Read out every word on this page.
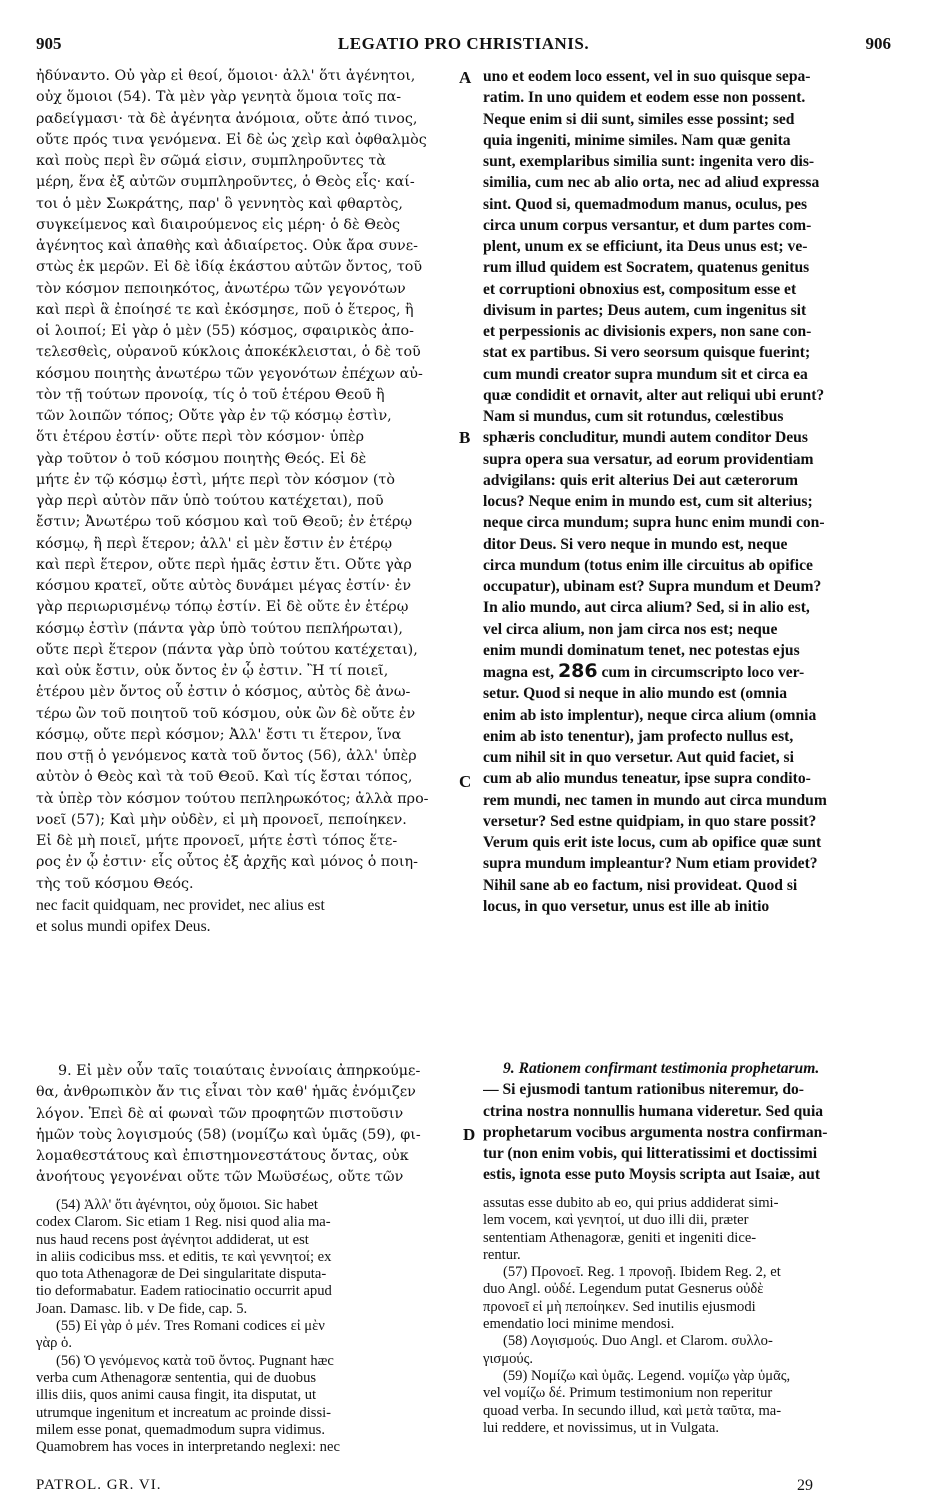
905	LEGATIO PRO CHRISTIANIS.	906
A
B
C
D
ἠδύναντο. Οὐ γὰρ εἰ θεοί, ὅμοιοι· ἀλλ' ὅτι ἀγένητοι,
οὐχ ὅμοιοι (54). Τὰ μὲν γὰρ γενητὰ ὅμοια τοῖς πα-
ραδείγμασι· τὰ δὲ ἀγένητα ἀνόμοια, οὔτε ἀπό τινος,
οὔτε πρός τινα γενόμενα. Εἰ δὲ ὡς χεὶρ καὶ ὀφθαλμὸς
καὶ ποὺς περὶ ἓν σῶμά εἰσιν, συμπληροῦντες τὰ
μέρη, ἕνα ἐξ αὐτῶν συμπληροῦντες, ὁ Θεὸς εἷς· καί-
τοι ὁ μὲν Σωκράτης, παρ' ὃ γεννητὸς καὶ φθαρτὸς,
συγκείμενος καὶ διαιρούμενος εἰς μέρη· ὁ δὲ Θεὸς
ἀγένητος καὶ ἀπαθὴς καὶ ἀδιαίρετος. Οὐκ ἄρα συνε-
στὼς ἐκ μερῶν. Εἰ δὲ ἰδίᾳ ἑκάστου αὐτῶν ὄντος, τοῦ
τὸν κόσμον πεποιηκότος, ἀνωτέρω τῶν γεγονότων
καὶ περὶ ἃ ἐποίησέ τε καὶ ἐκόσμησε, ποῦ ὁ ἕτερος, ἢ
οἱ λοιποί; Εἰ γὰρ ὁ μὲν (55) κόσμος, σφαιρικὸς ἀπο-
τελεσθεὶς, οὐρανοῦ κύκλοις ἀποκέκλεισται, ὁ δὲ τοῦ
κόσμου ποιητὴς ἀνωτέρω τῶν γεγονότων ἐπέχων αὐ-
τὸν τῇ τούτων προνοίᾳ, τίς ὁ τοῦ ἑτέρου Θεοῦ ἢ
τῶν λοιπῶν τόπος; Οὔτε γὰρ ἐν τῷ κόσμῳ ἐστὶν,
ὅτι ἑτέρου ἐστίν· οὔτε περὶ τὸν κόσμον· ὑπὲρ
γὰρ τοῦτον ὁ τοῦ κόσμου ποιητὴς Θεός. Εἰ δὲ
μήτε ἐν τῷ κόσμῳ ἐστὶ, μήτε περὶ τὸν κόσμον (τὸ
γὰρ περὶ αὐτὸν πᾶν ὑπὸ τούτου κατέχεται), ποῦ
ἔστιν; Ἀνωτέρω τοῦ κόσμου καὶ τοῦ Θεοῦ; ἐν ἑτέρῳ
κόσμῳ, ἢ περὶ ἕτερον; ἀλλ' εἰ μὲν ἔστιν ἐν ἑτέρῳ
καὶ περὶ ἕτερον, οὔτε περὶ ἡμᾶς ἐστιν ἔτι. Οὔτε γὰρ
κόσμου κρατεῖ, οὔτε αὐτὸς δυνάμει μέγας ἐστίν· ἐν
γὰρ περιωρισμένῳ τόπῳ ἐστίν. Εἰ δὲ οὔτε ἐν ἑτέρῳ
κόσμῳ ἐστὶν (πάντα γὰρ ὑπὸ τούτου πεπλήρωται),
οὔτε περὶ ἕτερον (πάντα γὰρ ὑπὸ τούτου κατέχεται),
καὶ οὐκ ἔστιν, οὐκ ὄντος ἐν ᾧ ἐστιν. Ἢ τί ποιεῖ,
ἑτέρου μὲν ὄντος οὗ ἐστιν ὁ κόσμος, αὐτὸς δὲ ἀνω-
τέρω ὢν τοῦ ποιητοῦ τοῦ κόσμου, οὐκ ὢν δὲ οὔτε ἐν
κόσμῳ, οὔτε περὶ κόσμον; Ἀλλ' ἔστι τι ἕτερον, ἵνα
που στῇ ὁ γενόμενος κατὰ τοῦ ὄντος (56), ἀλλ' ὑπὲρ
αὐτὸν ὁ Θεὸς καὶ τὰ τοῦ Θεοῦ. Καὶ τίς ἔσται τόπος,
τὰ ὑπὲρ τὸν κόσμον τούτου πεπληρωκότος; ἀλλὰ προ-
νοεῖ (57); Καὶ μὴν οὐδὲν, εἰ μὴ προνοεῖ, πεποίηκεν.
Εἰ δὲ μὴ ποιεῖ, μήτε προνοεῖ, μήτε ἐστὶ τόπος ἕτε-
ρος ἐν ᾧ ἐστιν· εἷς οὗτος ἐξ ἀρχῆς καὶ μόνος ὁ ποιη-
τὴς τοῦ κόσμου Θεός.
nec facit quidquam, nec providet, nec alius est
et solus mundi opifex Deus.
uno et eodem loco essent, vel in suo quisque sepa-
ratim. In uno quidem et eodem esse non possent.
Neque enim si dii sunt, similes esse possint; sed
quia ingeniti, minime similes. Nam quæ genita
sunt, exemplaribus similia sunt: ingenita vero dis-
similia, cum nec ab alio orta, nec ad aliud expressa
sint. Quod si, quemadmodum manus, oculus, pes
circa unum corpus versantur, et dum partes com-
plent, unum ex se efficiunt, ita Deus unus est; ve-
rum illud quidem est Socratem, quatenus genitus
et corruptioni obnoxius est, compositum esse et
divisum in partes; Deus autem, cum ingenitus sit
et perpessionis ac divisionis expers, non sane con-
stat ex partibus. Si vero seorsum quisque fuerint;
cum mundi creator supra mundum sit et circa ea
quæ condidit et ornavit, alter aut reliqui ubi erunt?
Nam si mundus, cum sit rotundus, cœlestibus
sphæris concluditur, mundi autem conditor Deus
supra opera sua versatur, ad eorum providentiam
advigilans: quis erit alterius Dei aut cæterorum
locus? Neque enim in mundo est, cum sit alterius;
neque circa mundum; supra hunc enim mundi con-
ditor Deus. Si vero neque in mundo est, neque
circa mundum (totus enim ille circuitus ab opifice
occupatur), ubinam est? Supra mundum et Deum?
In alio mundo, aut circa alium? Sed, si in alio est,
vel circa alium, non jam circa nos est; neque
enim mundi dominatum tenet, nec potestas ejus
magna est, 286 cum in circumscripto loco ver-
setur. Quod si neque in alio mundo est (omnia
enim ab isto implentur), neque circa alium (omnia
enim ab isto tenentur), jam profecto nullus est,
cum nihil sit in quo versetur. Aut quid faciet, si
cum ab alio mundus teneatur, ipse supra condito-
rem mundi, nec tamen in mundo aut circa mundum
versetur? Sed estne quidpiam, in quo stare possit?
Verum quis erit iste locus, cum ab opifice quæ sunt
supra mundum impleantur? Num etiam providet?
Nihil sane ab eo factum, nisi provideat. Quod si
locus, in quo versetur, unus est ille ab initio
9. Εἰ μὲν οὖν ταῖς τοιαύταις ἐννοίαις ἀπηρκούμε-
θα, ἀνθρωπικὸν ἄν τις εἶναι τὸν καθ' ἡμᾶς ἐνόμιζεν
λόγον. Ἐπεὶ δὲ αἱ φωναὶ τῶν προφητῶν πιστοῦσιν
ἡμῶν τοὺς λογισμούς (58) (νομίζω καὶ ὑμᾶς (59), φι-
λομαθεστάτους καὶ ἐπιστημονεστάτους ὄντας, οὐκ
ἀνοήτους γεγονέναι οὔτε τῶν Μωϋσέως, οὔτε τῶν
9. Rationem confirmant testimonia prophetarum.
— Si ejusmodi tantum rationibus niteremur, do-
ctrina nostra nonnullis humana videretur. Sed quia
prophetarum vocibus argumenta nostra confirman-
tur (non enim vobis, qui litteratissimi et doctissimi
estis, ignota esse puto Moysis scripta aut Isaiæ, aut
(54) Ἀλλ' ὅτι ἀγένητοι, οὐχ ὅμοιοι. Sic habet
codex Clarom. Sic etiam 1 Reg. nisi quod alia ma-
nus haud recens post ἀγένητοι addiderat, ut est
in aliis codicibus mss. et editis, τε καὶ γεννητοί; ex
quo tota Athenagoræ de Dei singularitate disputa-
tio deformabatur. Eadem ratiocinatio occurrit apud
Joan. Damasc. lib. v De fide, cap. 5.
(55) Εἰ γὰρ ὁ μέν. Tres Romani codices εἰ μὲν
γὰρ ὁ.
(56) Ὁ γενόμενος κατὰ τοῦ ὄντος. Pugnant hæc
verba cum Athenagoræ sententia, qui de duobus
illis diis, quos animi causa fingit, ita disputat, ut
utrumque ingenitum et increatum ac proinde dissi-
milem esse ponat, quemadmodum supra vidimus.
Quamobrem has voces in interpretando neglexi: nec
assutas esse dubito ab eo, qui prius addiderat simi-
lem vocem, καὶ γενητοί, ut duo illi dii, præter
sententiam Athenagoræ, geniti et ingeniti dice-
rentur.
(57) Προνοεῖ. Reg. 1 προνοῇ. Ibidem Reg. 2, et
duo Angl. οὐδέ. Legendum putat Gesnerus οὐδὲ
προνοεῖ εἰ μὴ πεποίηκεν. Sed inutilis ejusmodi
emendatio loci minime mendosi.
(58) Λογισμούς. Duo Angl. et Clarom. συλλο-
γισμούς.
(59) Νομίζω καὶ ὑμᾶς. Legend. νομίζω γὰρ ὑμᾶς,
vel νομίζω δέ. Primum testimonium non reperitur
quoad verba. In secundo illud, καὶ μετὰ ταῦτα, ma-
lui reddere, et novissimus, ut in Vulgata.
PATROL. GR. VI.	29
